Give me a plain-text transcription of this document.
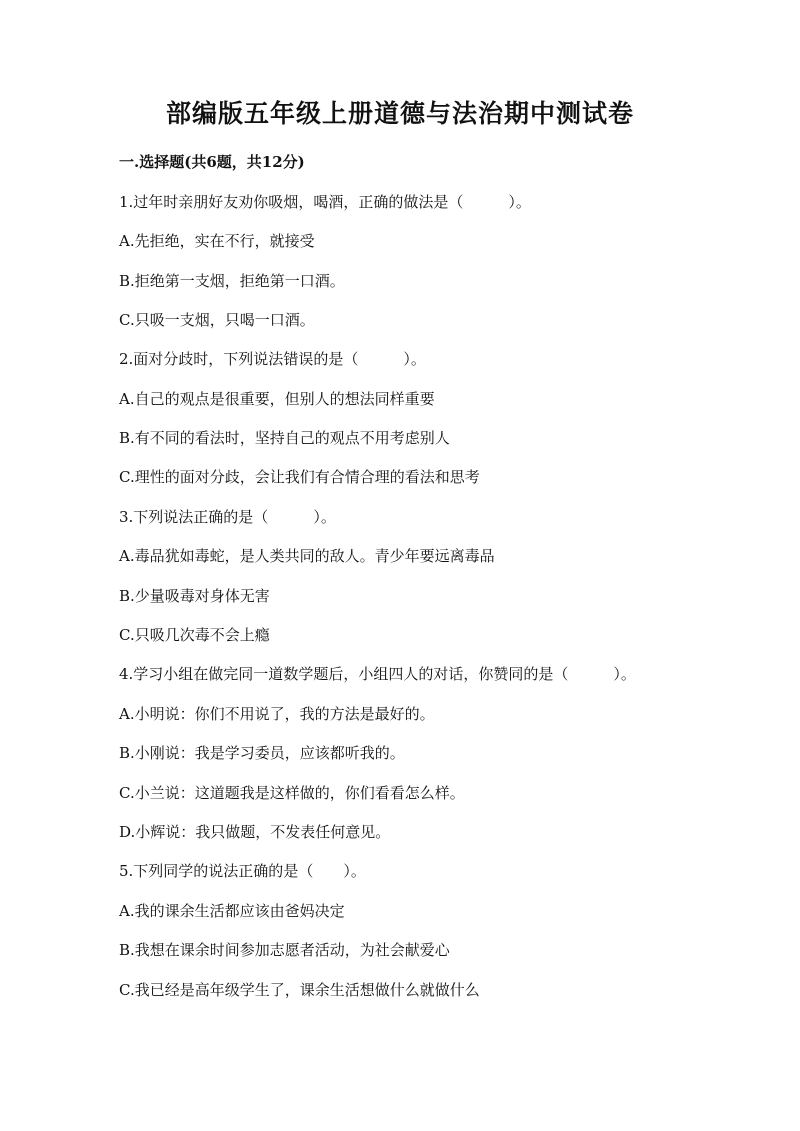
部编版五年级上册道德与法治期中测试卷
一.选择题(共6题，共12分)
1.过年时亲朋好友劝你吸烟，喝酒，正确的做法是（　　　）。
A.先拒绝，实在不行，就接受
B.拒绝第一支烟，拒绝第一口酒。
C.只吸一支烟，只喝一口酒。
2.面对分歧时，下列说法错误的是（　　　）。
A.自己的观点是很重要，但别人的想法同样重要
B.有不同的看法时，坚持自己的观点不用考虑别人
C.理性的面对分歧，会让我们有合情合理的看法和思考
3.下列说法正确的是（　　　）。
A.毒品犹如毒蛇，是人类共同的敌人。青少年要远离毒品
B.少量吸毒对身体无害
C.只吸几次毒不会上瘾
4.学习小组在做完同一道数学题后，小组四人的对话，你赞同的是（　　　）。
A.小明说：你们不用说了，我的方法是最好的。
B.小刚说：我是学习委员，应该都听我的。
C.小兰说：这道题我是这样做的，你们看看怎么样。
D.小辉说：我只做题，不发表任何意见。
5.下列同学的说法正确的是（　　）。
A.我的课余生活都应该由爸妈决定
B.我想在课余时间参加志愿者活动，为社会献爱心
C.我已经是高年级学生了，课余生活想做什么就做什么
